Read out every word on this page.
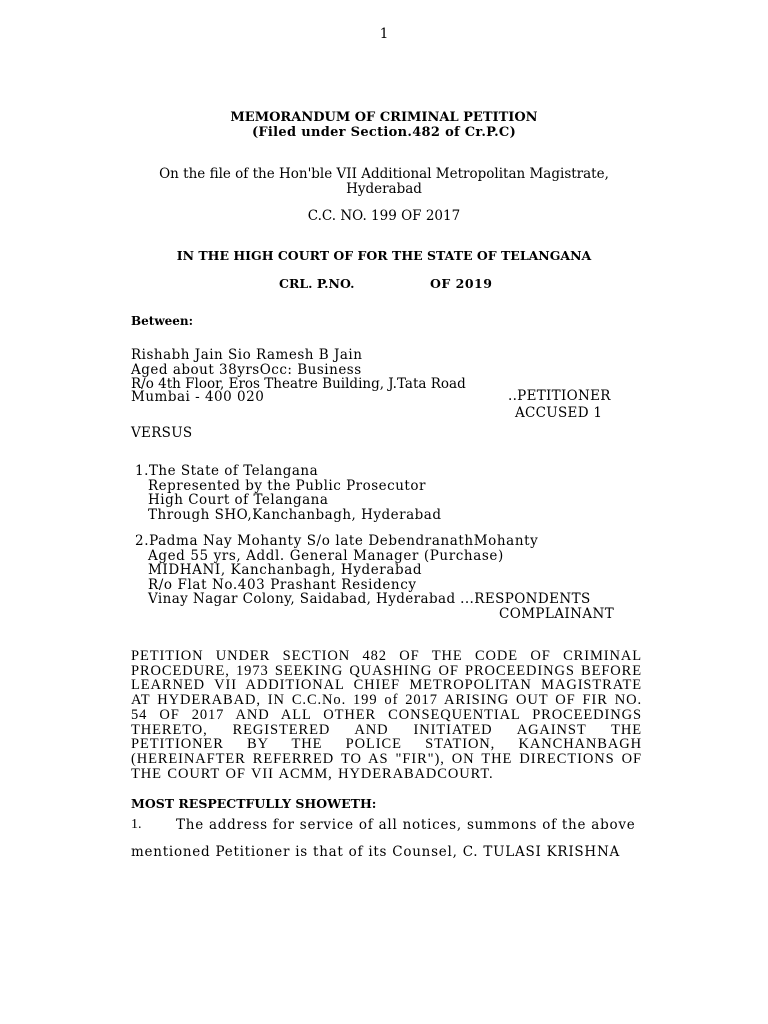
1
MEMORANDUM OF CRIMINAL PETITION
(Filed under Section.482 of Cr.P.C)
On the file of the Hon'ble VII Additional Metropolitan Magistrate,
Hyderabad
C.C. NO. 199 OF 2017
IN THE HIGH COURT OF FOR THE STATE OF TELANGANA
CRL. P.NO.	OF 2019
Between:
Rishabh Jain Sio Ramesh B Jain
Aged about 38yrsOcc: Business
R/o 4th Floor, Eros Theatre Building, J.Tata Road
Mumbai - 400 020	..PETITIONER
ACCUSED 1
VERSUS
1.The State of Telangana
Represented by the Public Prosecutor
High Court of Telangana
Through SHO,Kanchanbagh, Hyderabad
2.Padma Nay Mohanty S/o late DebendranathMohanty
Aged 55 yrs, Addl. General Manager (Purchase)
MIDHANI, Kanchanbagh, Hyderabad
R/o Flat No.403 Prashant Residency
Vinay Nagar Colony, Saidabad, Hyderabad ...RESPONDENTS
COMPLAINANT
PETITION UNDER SECTION 482 OF THE CODE OF CRIMINAL PROCEDURE, 1973 SEEKING QUASHING OF PROCEEDINGS BEFORE LEARNED VII ADDITIONAL CHIEF METROPOLITAN MAGISTRATE AT HYDERABAD, IN C.C.No. 199 of 2017 ARISING OUT OF FIR NO. 54 OF 2017 AND ALL OTHER CONSEQUENTIAL PROCEEDINGS THERETO, REGISTERED AND INITIATED AGAINST THE PETITIONER BY THE POLICE STATION, KANCHANBAGH (HEREINAFTER REFERRED TO AS "FIR"), ON THE DIRECTIONS OF THE COURT OF VII ACMM, HYDERABADCOURT.
MOST RESPECTFULLY SHOWETH:
1.	The address for service of all notices, summons of the above
mentioned Petitioner is that of its Counsel, C. TULASI KRISHNA
